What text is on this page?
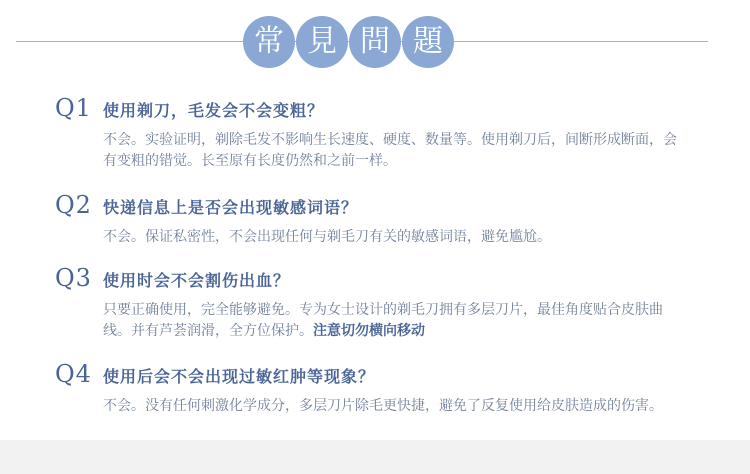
常 見 問 題
Q1 使用剃刀，毛发会不会变粗？
不会。实验证明，剃除毛发不影响生长速度、硬度、数量等。使用剃刀后，间断形成断面，会有变粗的错觉。长至原有长度仍然和之前一样。
Q2 快递信息上是否会出现敏感词语？
不会。保证私密性，不会出现任何与剃毛刀有关的敏感词语，避免尴尬。
Q3 使用时会不会割伤出血？
只要正确使用，完全能够避免。专为女士设计的剃毛刀拥有多层刀片，最佳角度贴合皮肤曲线。并有芦荟润滑，全方位保护。注意切勿横向移动
Q4 使用后会不会出现过敏红肿等现象？
不会。没有任何刺激化学成分，多层刀片除毛更快捷，避免了反复使用给皮肤造成的伤害。
